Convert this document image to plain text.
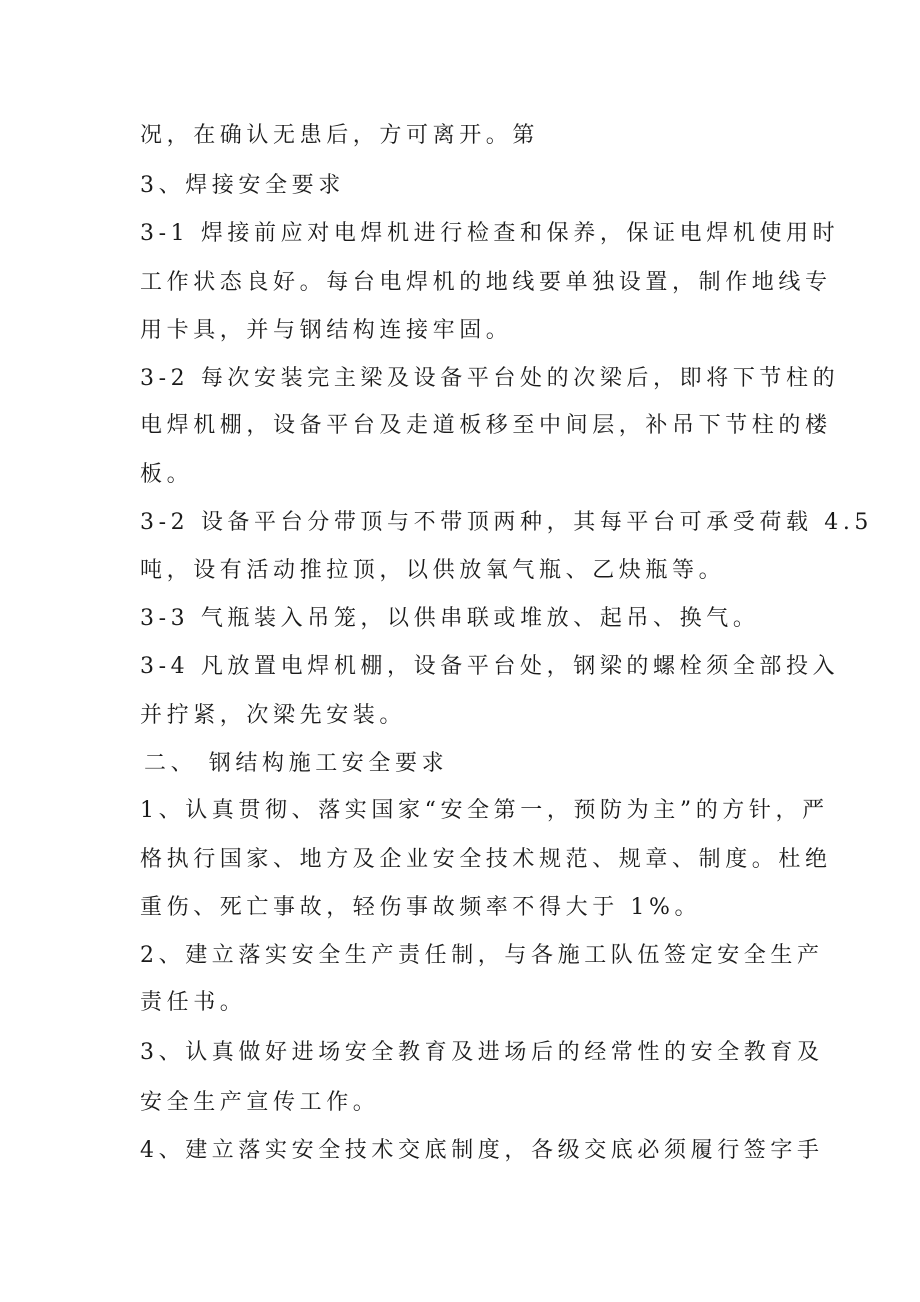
况，在确认无患后，方可离开。第
3、焊接安全要求
3-1 焊接前应对电焊机进行检查和保养，保证电焊机使用时
工作状态良好。每台电焊机的地线要单独设置，制作地线专
用卡具，并与钢结构连接牢固。
3-2 每次安装完主梁及设备平台处的次梁后，即将下节柱的
电焊机棚，设备平台及走道板移至中间层，补吊下节柱的楼
板。
3-2 设备平台分带顶与不带顶两种，其每平台可承受荷载 4.5
吨，设有活动推拉顶，以供放氧气瓶、乙炔瓶等。
3-3 气瓶装入吊笼，以供串联或堆放、起吊、换气。
3-4 凡放置电焊机棚，设备平台处，钢梁的螺栓须全部投入
并拧紧，次梁先安装。
二、 钢结构施工安全要求
1、认真贯彻、落实国家“安全第一，预防为主”的方针，严
格执行国家、地方及企业安全技术规范、规章、制度。杜绝
重伤、死亡事故，轻伤事故频率不得大于 1%。
2、建立落实安全生产责任制，与各施工队伍签定安全生产
责任书。
3、认真做好进场安全教育及进场后的经常性的安全教育及
安全生产宣传工作。
4、建立落实安全技术交底制度，各级交底必须履行签字手
